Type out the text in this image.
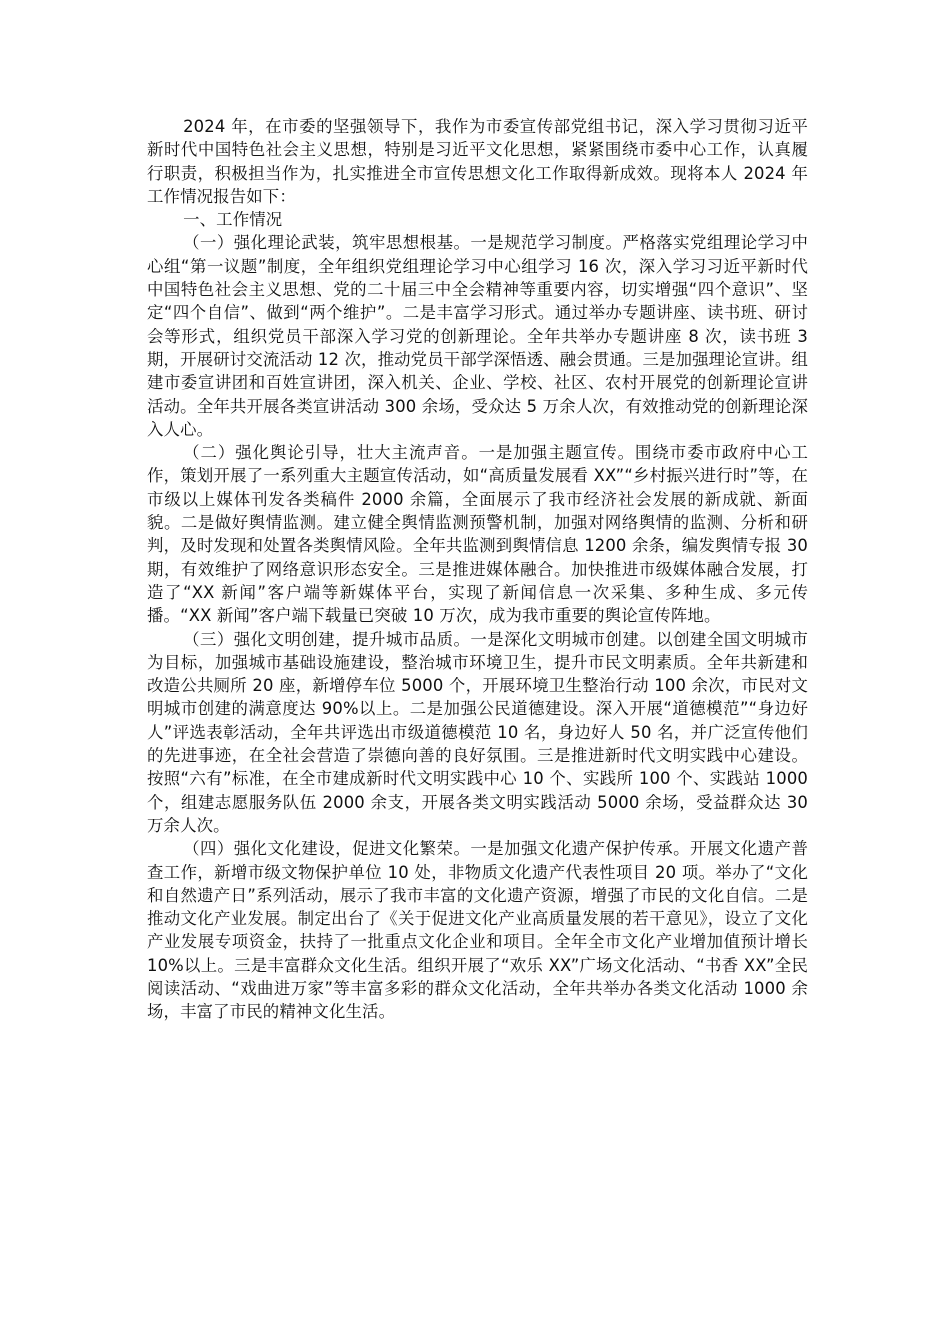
2024 年，在市委的坚强领导下，我作为市委宣传部党组书记，深入学习贯彻习近平新时代中国特色社会主义思想，特别是习近平文化思想，紧紧围绕市委中心工作，认真履行职责，积极担当作为，扎实推进全市宣传思想文化工作取得新成效。现将本人 2024 年工作情况报告如下：

一、工作情况

（一）强化理论武装，筑牢思想根基。一是规范学习制度。严格落实党组理论学习中心组“第一议题”制度，全年组织党组理论学习中心组学习 16 次，深入学习习近平新时代中国特色社会主义思想、党的二十届三中全会精神等重要内容，切实增强“四个意识”、坚定“四个自信”、做到“两个维护”。二是丰富学习形式。通过举办专题讲座、读书班、研讨会等形式，组织党员干部深入学习党的创新理论。全年共举办专题讲座 8 次，读书班 3 期，开展研讨交流活动 12 次，推动党员干部学深悟透、融会贯通。三是加强理论宣讲。组建市委宣讲团和百姓宣讲团，深入机关、企业、学校、社区、农村开展党的创新理论宣讲活动。全年共开展各类宣讲活动 300 余场，受众达 5 万余人次，有效推动党的创新理论深入人心。

（二）强化舆论引导，壮大主流声音。一是加强主题宣传。围绕市委市政府中心工作，策划开展了一系列重大主题宣传活动，如“高质量发展看 XX”“乡村振兴进行时”等，在市级以上媒体刊发各类稿件 2000 余篇，全面展示了我市经济社会发展的新成就、新面貌。二是做好舆情监测。建立健全舆情监测预警机制，加强对网络舆情的监测、分析和研判，及时发现和处置各类舆情风险。全年共监测到舆情信息 1200 余条，编发舆情专报 30 期，有效维护了网络意识形态安全。三是推进媒体融合。加快推进市级媒体融合发展，打造了“XX 新闻”客户端等新媒体平台，实现了新闻信息一次采集、多种生成、多元传播。“XX 新闻”客户端下载量已突破 10 万次，成为我市重要的舆论宣传阵地。

（三）强化文明创建，提升城市品质。一是深化文明城市创建。以创建全国文明城市为目标，加强城市基础设施建设，整治城市环境卫生，提升市民文明素质。全年共新建和改造公共厕所 20 座，新增停车位 5000 个，开展环境卫生整治行动 100 余次，市民对文明城市创建的满意度达 90%以上。二是加强公民道德建设。深入开展“道德模范”“身边好人”评选表彰活动，全年共评选出市级道德模范 10 名，身边好人 50 名，并广泛宣传他们的先进事迹，在全社会营造了崇德向善的良好氛围。三是推进新时代文明实践中心建设。按照“六有”标准，在全市建成新时代文明实践中心 10 个、实践所 100 个、实践站 1000 个，组建志愿服务队伍 2000 余支，开展各类文明实践活动 5000 余场，受益群众达 30 万余人次。

（四）强化文化建设，促进文化繁荣。一是加强文化遗产保护传承。开展文化遗产普查工作，新增市级文物保护单位 10 处，非物质文化遗产代表性项目 20 项。举办了“文化和自然遗产日”系列活动，展示了我市丰富的文化遗产资源，增强了市民的文化自信。二是推动文化产业发展。制定出台了《关于促进文化产业高质量发展的若干意见》，设立了文化产业发展专项资金，扶持了一批重点文化企业和项目。全年全市文化产业增加值预计增长 10%以上。三是丰富群众文化生活。组织开展了“欢乐 XX”广场文化活动、“书香 XX”全民阅读活动、“戏曲进万家”等丰富多彩的群众文化活动，全年共举办各类文化活动 1000 余场，丰富了市民的精神文化生活。
